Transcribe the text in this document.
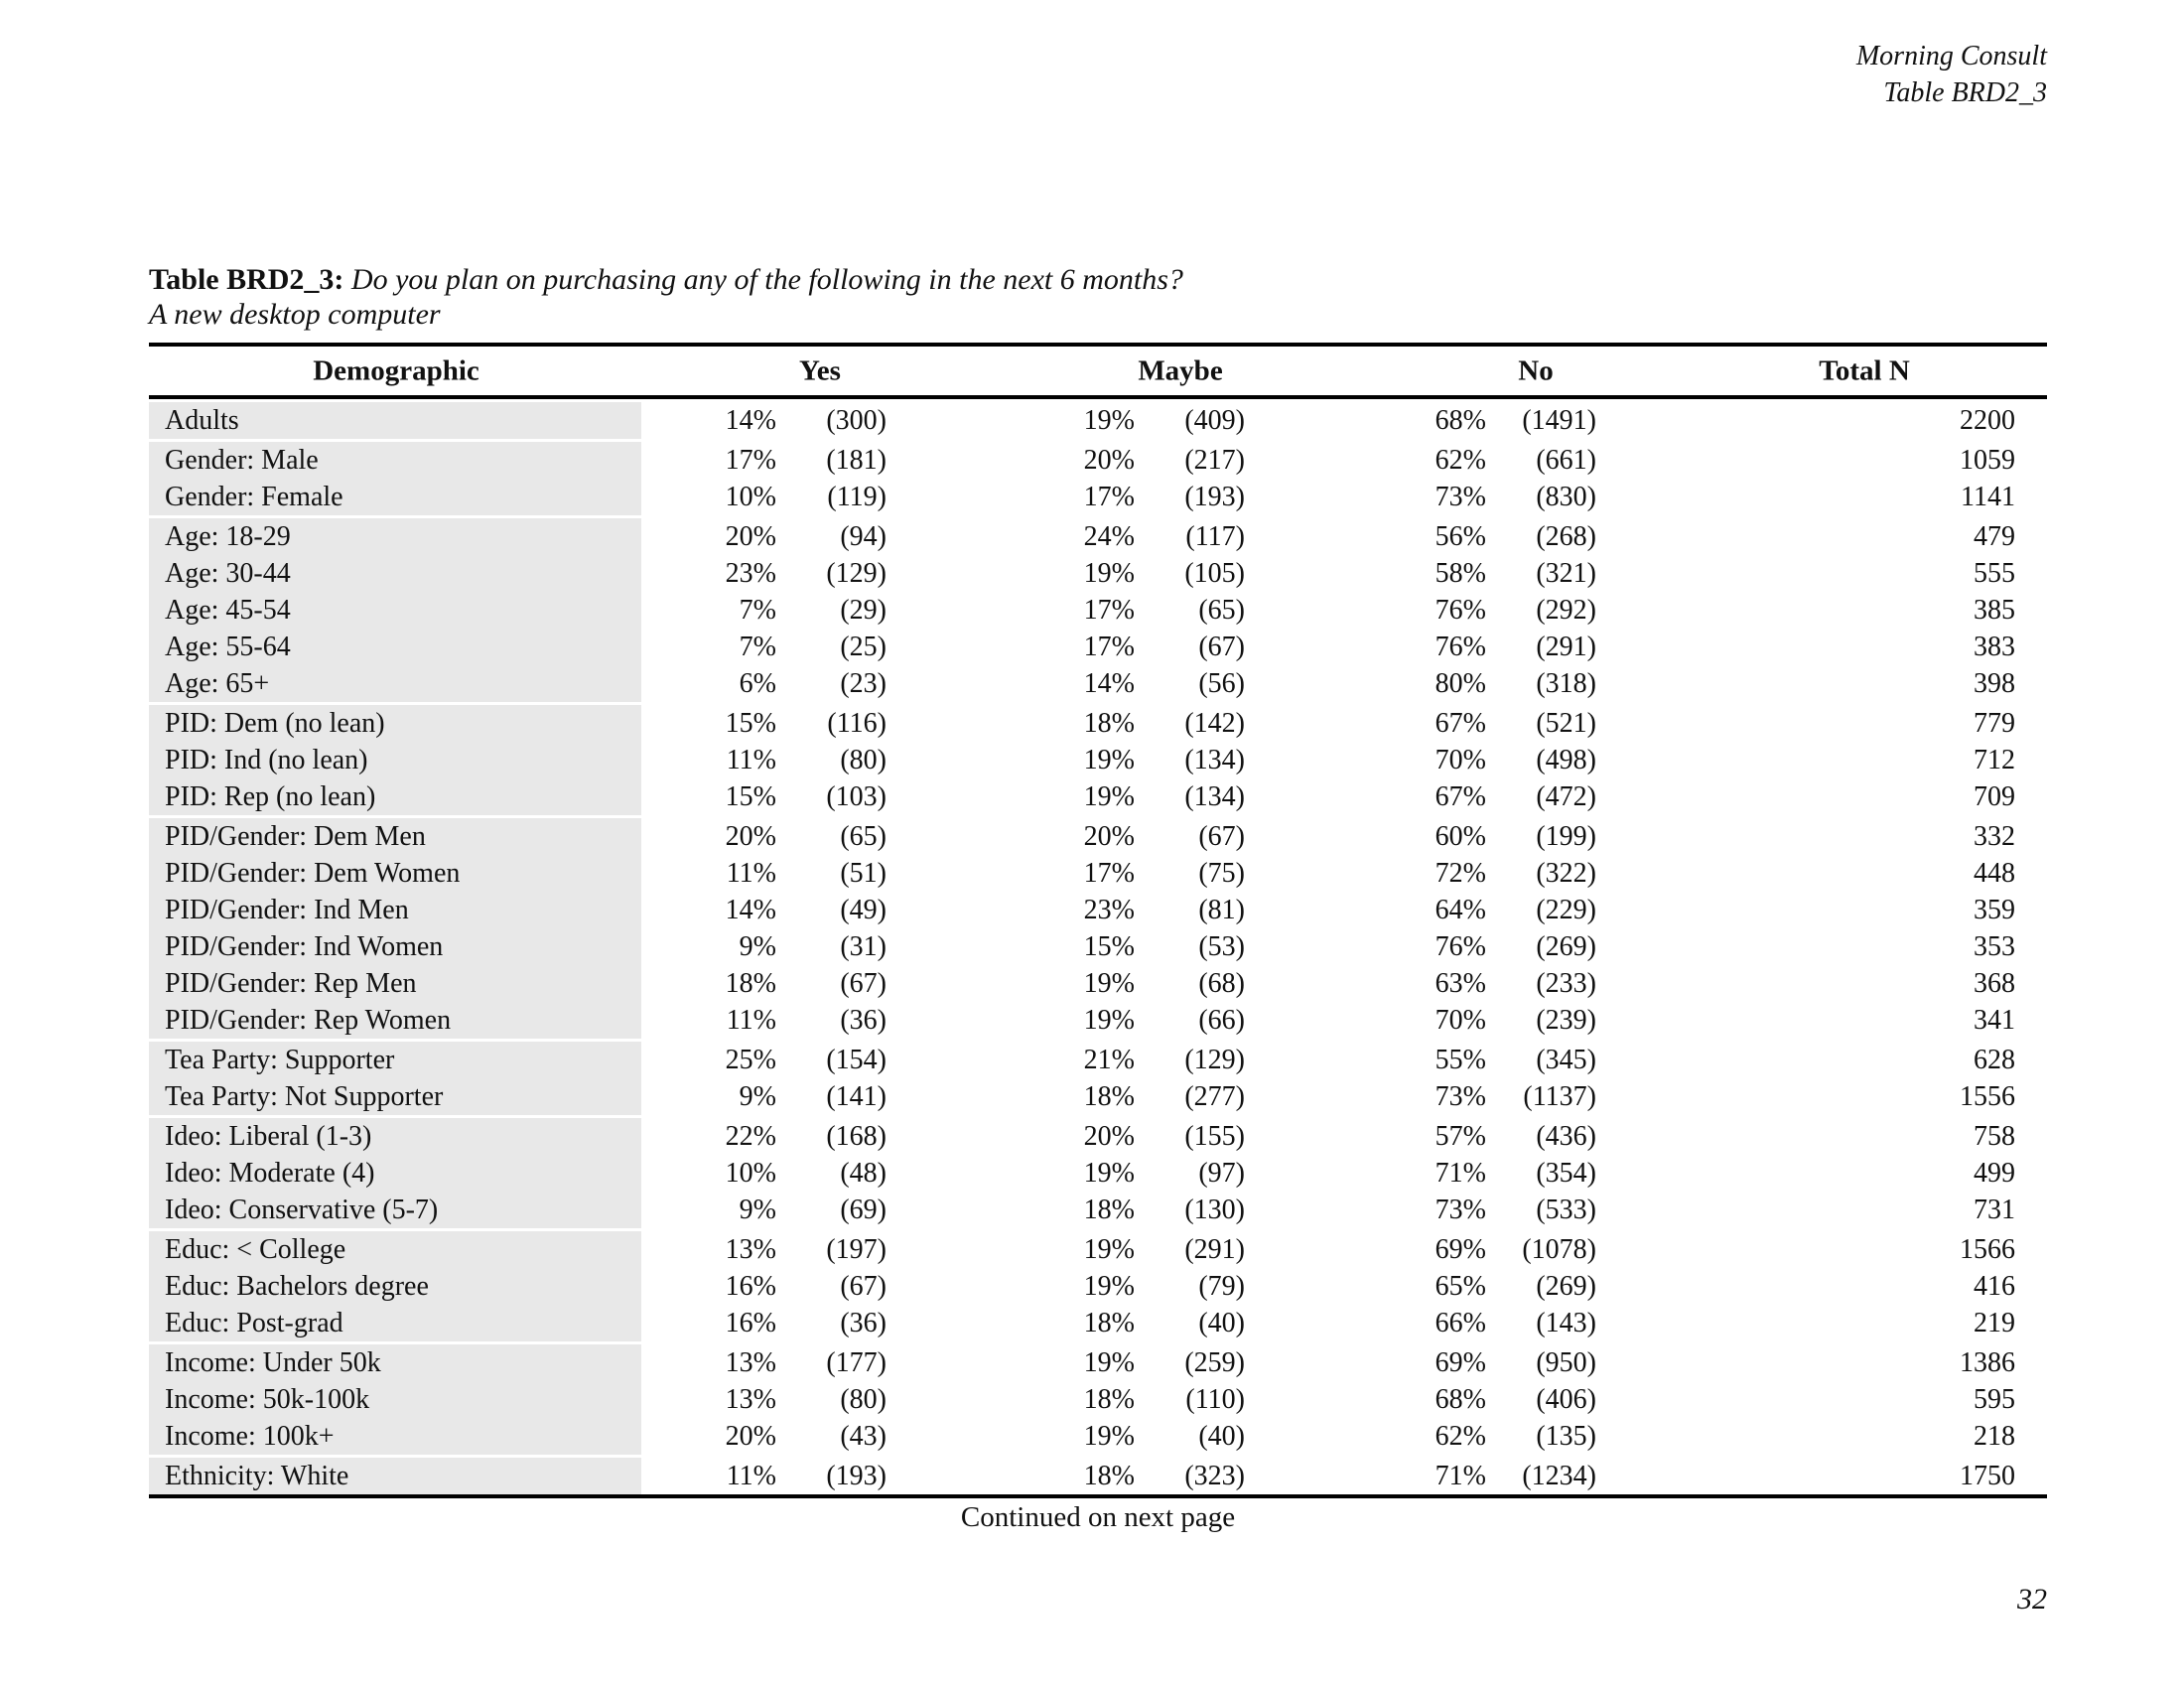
Morning Consult
Table BRD2_3
Table BRD2_3: Do you plan on purchasing any of the following in the next 6 months?
A new desktop computer
Demographic	Yes	Maybe	No	Total N
Adults	14%	(300)	19%	(409)	68%	(1491)	2200
Gender: Male	17%	(181)	20%	(217)	62%	(661)	1059
Gender: Female	10%	(119)	17%	(193)	73%	(830)	1141
Age: 18-29	20%	(94)	24%	(117)	56%	(268)	479
Age: 30-44	23%	(129)	19%	(105)	58%	(321)	555
Age: 45-54	7%	(29)	17%	(65)	76%	(292)	385
Age: 55-64	7%	(25)	17%	(67)	76%	(291)	383
Age: 65+	6%	(23)	14%	(56)	80%	(318)	398
PID: Dem (no lean)	15%	(116)	18%	(142)	67%	(521)	779
PID: Ind (no lean)	11%	(80)	19%	(134)	70%	(498)	712
PID: Rep (no lean)	15%	(103)	19%	(134)	67%	(472)	709
PID/Gender: Dem Men	20%	(65)	20%	(67)	60%	(199)	332
PID/Gender: Dem Women	11%	(51)	17%	(75)	72%	(322)	448
PID/Gender: Ind Men	14%	(49)	23%	(81)	64%	(229)	359
PID/Gender: Ind Women	9%	(31)	15%	(53)	76%	(269)	353
PID/Gender: Rep Men	18%	(67)	19%	(68)	63%	(233)	368
PID/Gender: Rep Women	11%	(36)	19%	(66)	70%	(239)	341
Tea Party: Supporter	25%	(154)	21%	(129)	55%	(345)	628
Tea Party: Not Supporter	9%	(141)	18%	(277)	73%	(1137)	1556
Ideo: Liberal (1-3)	22%	(168)	20%	(155)	57%	(436)	758
Ideo: Moderate (4)	10%	(48)	19%	(97)	71%	(354)	499
Ideo: Conservative (5-7)	9%	(69)	18%	(130)	73%	(533)	731
Educ: < College	13%	(197)	19%	(291)	69%	(1078)	1566
Educ: Bachelors degree	16%	(67)	19%	(79)	65%	(269)	416
Educ: Post-grad	16%	(36)	18%	(40)	66%	(143)	219
Income: Under 50k	13%	(177)	19%	(259)	69%	(950)	1386
Income: 50k-100k	13%	(80)	18%	(110)	68%	(406)	595
Income: 100k+	20%	(43)	19%	(40)	62%	(135)	218
Ethnicity: White	11%	(193)	18%	(323)	71%	(1234)	1750
Continued on next page
32
